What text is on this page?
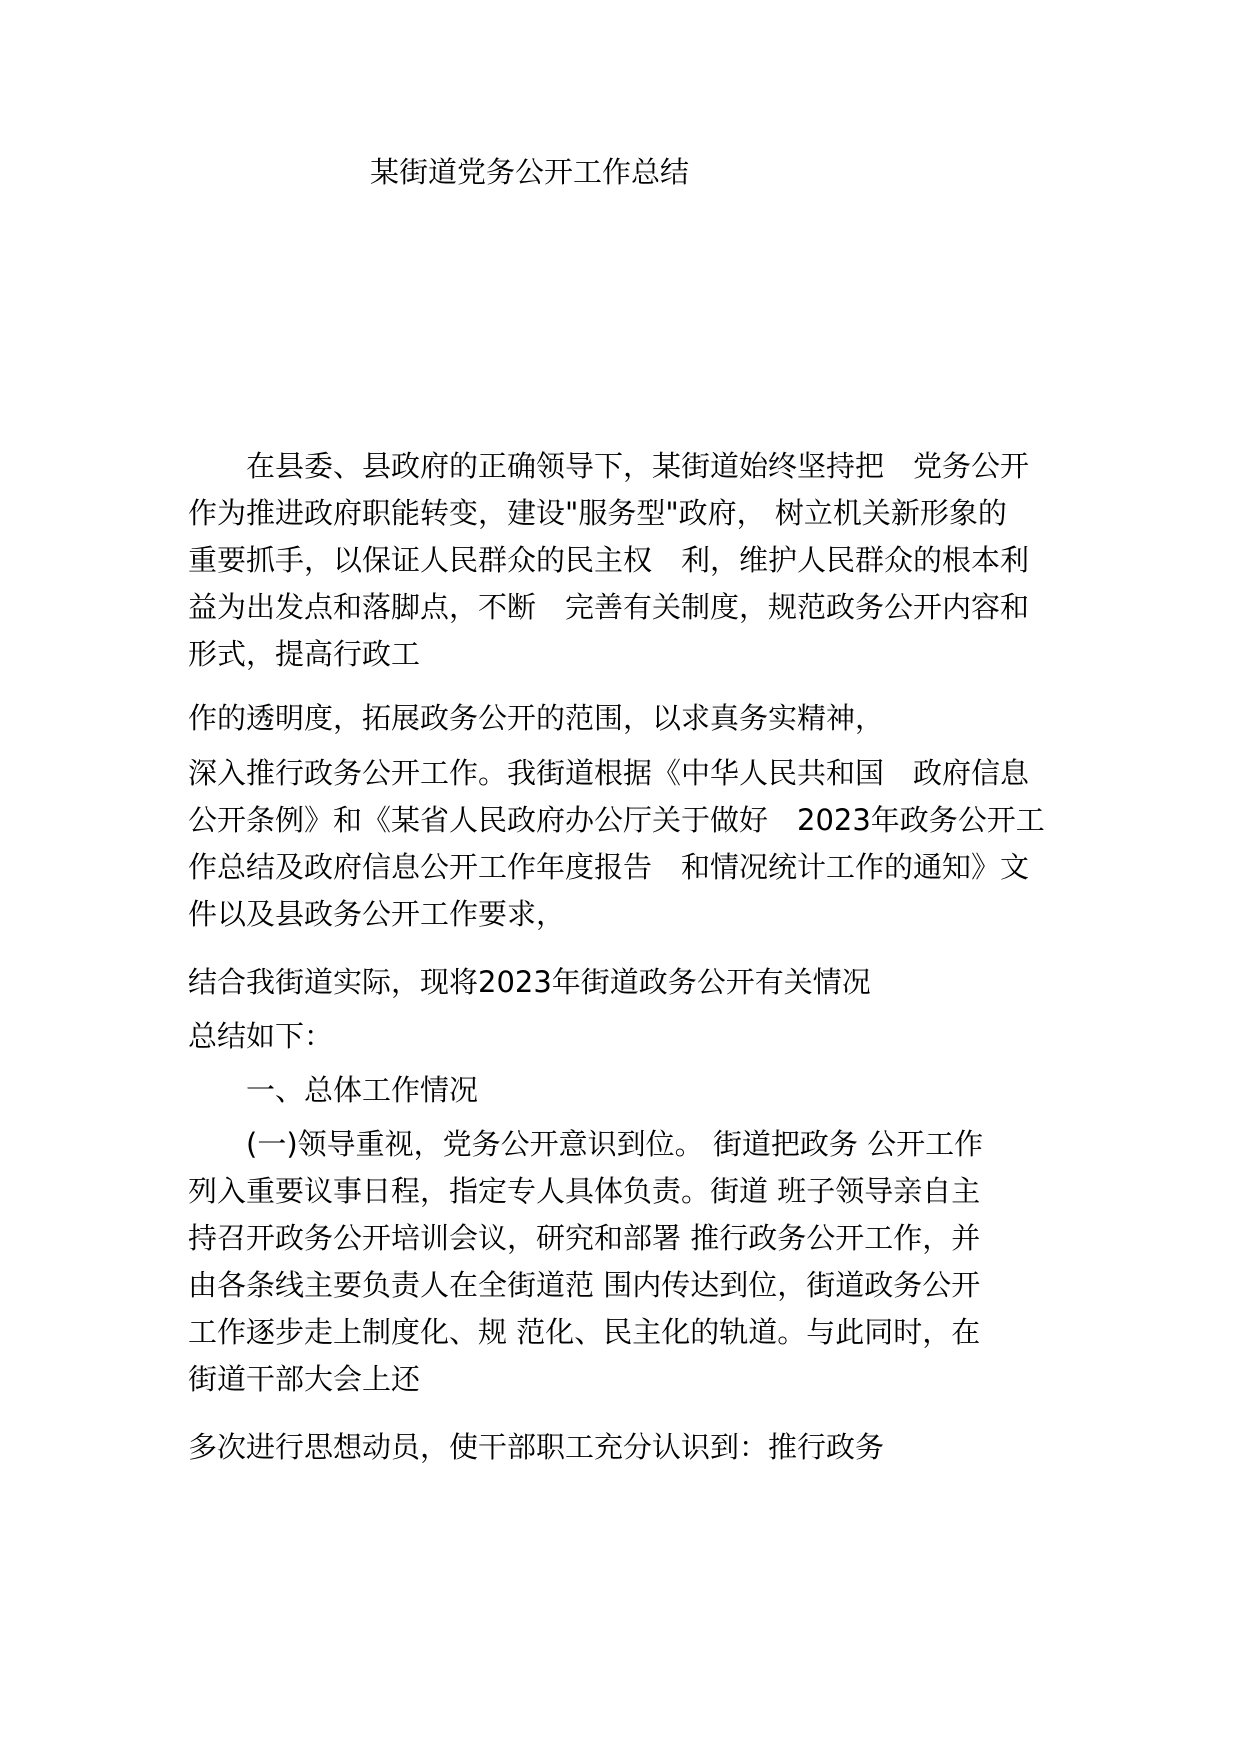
某街道党务公开工作总结
　　在县委、县政府的正确领导下，某街道始终坚持把　党务公开
作为推进政府职能转变，建设"服务型"政府， 树立机关新形象的
重要抓手，以保证人民群众的民主权　利，维护人民群众的根本利
益为出发点和落脚点，不断　完善有关制度，规范政务公开内容和
形式，提高行政工
作的透明度，拓展政务公开的范围，以求真务实精神，
深入推行政务公开工作。我街道根据《中华人民共和国　政府信息
公开条例》和《某省人民政府办公厅关于做好　2023年政务公开工
作总结及政府信息公开工作年度报告　和情况统计工作的通知》文
件以及县政务公开工作要求，
结合我街道实际，现将2023年街道政务公开有关情况
总结如下：
　　一、总体工作情况
　　(一)领导重视，党务公开意识到位。 街道把政务 公开工作
列入重要议事日程，指定专人具体负责。街道 班子领导亲自主
持召开政务公开培训会议，研究和部署 推行政务公开工作，并
由各条线主要负责人在全街道范 围内传达到位，街道政务公开
工作逐步走上制度化、规 范化、民主化的轨道。与此同时，在
街道干部大会上还
多次进行思想动员，使干部职工充分认识到：推行政务
